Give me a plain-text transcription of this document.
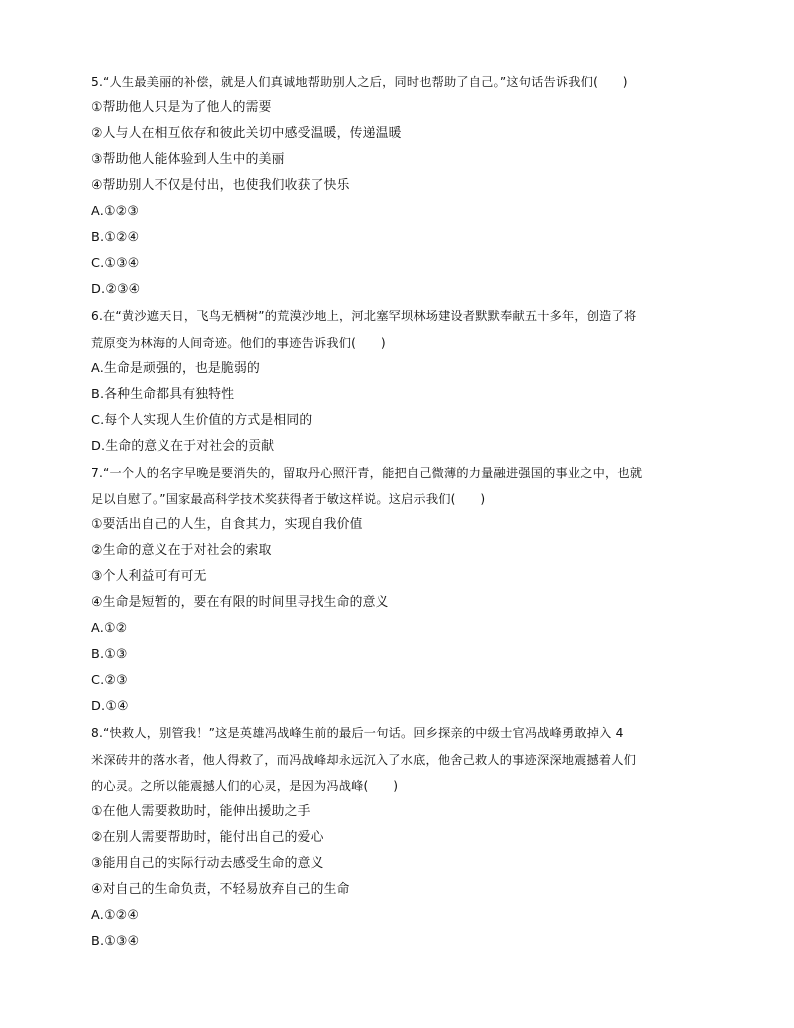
5.“人生最美丽的补偿，就是人们真诚地帮助别人之后，同时也帮助了自己。”这句话告诉我们(　　)
①帮助他人只是为了他人的需要
②人与人在相互依存和彼此关切中感受温暖，传递温暖
③帮助他人能体验到人生中的美丽
④帮助别人不仅是付出，也使我们收获了快乐
A.①②③
B.①②④
C.①③④
D.②③④
6.在“黄沙遮天日，飞鸟无栖树”的荒漠沙地上，河北塞罕坝林场建设者默默奉献五十多年，创造了将
荒原变为林海的人间奇迹。他们的事迹告诉我们(　　)
A.生命是顽强的，也是脆弱的
B.各种生命都具有独特性
C.每个人实现人生价值的方式是相同的
D.生命的意义在于对社会的贡献
7.“一个人的名字早晚是要消失的，留取丹心照汗青，能把自己微薄的力量融进强国的事业之中，也就
足以自慰了。”国家最高科学技术奖获得者于敏这样说。这启示我们(　　)
①要活出自己的人生，自食其力，实现自我价值
②生命的意义在于对社会的索取
③个人利益可有可无
④生命是短暂的，要在有限的时间里寻找生命的意义
A.①②
B.①③
C.②③
D.①④
8.“快救人，别管我！”这是英雄冯战峰生前的最后一句话。回乡探亲的中级士官冯战峰勇敢掉入 4
米深砖井的落水者，他人得救了，而冯战峰却永远沉入了水底，他舍己救人的事迹深深地震撼着人们
的心灵。之所以能震撼人们的心灵，是因为冯战峰(　　)
①在他人需要救助时，能伸出援助之手
②在别人需要帮助时，能付出自己的爱心
③能用自己的实际行动去感受生命的意义
④对自己的生命负责，不轻易放弃自己的生命
A.①②④
B.①③④
